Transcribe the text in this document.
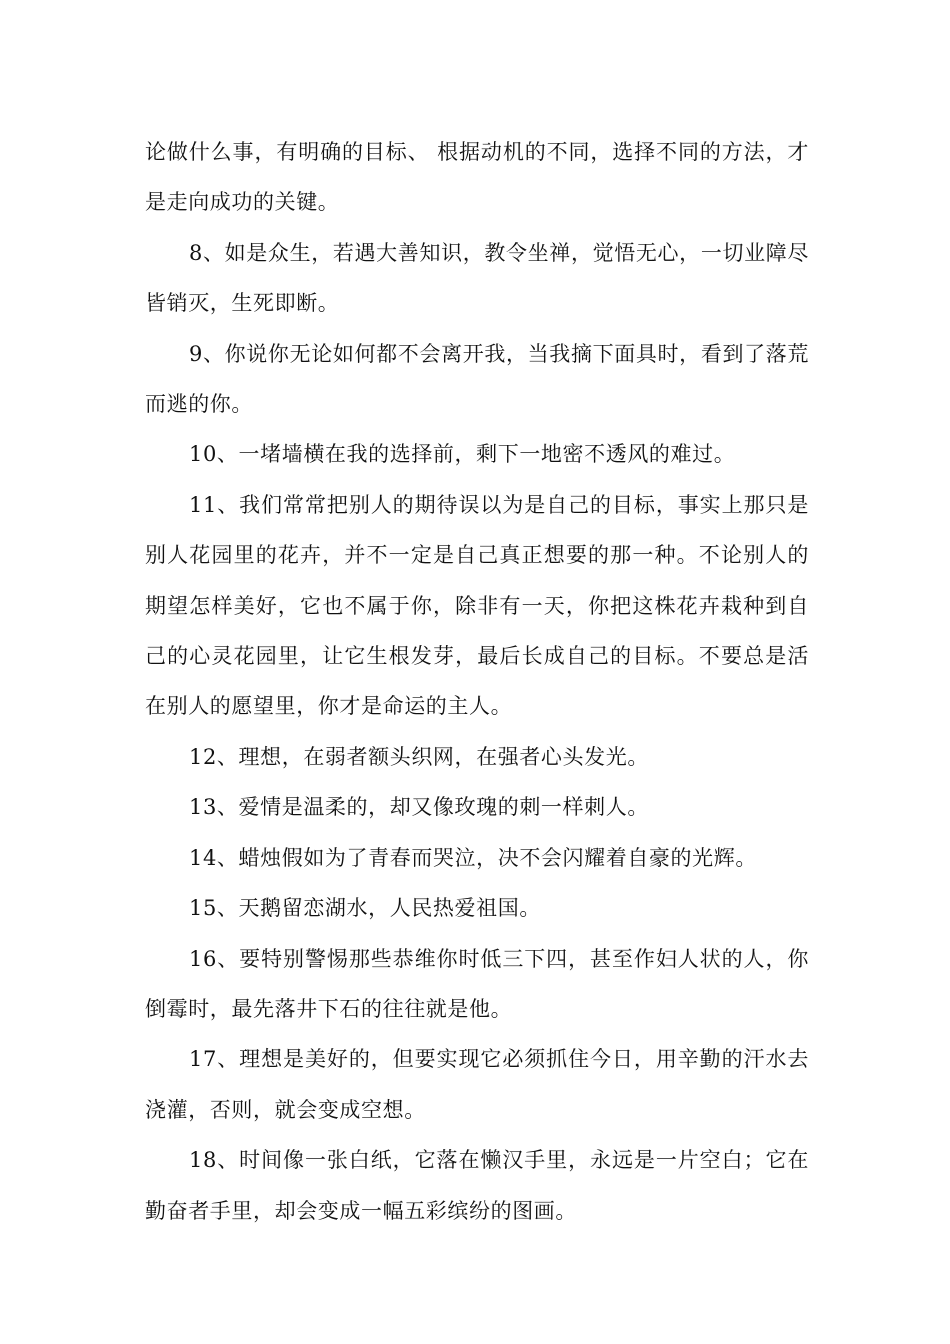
论做什么事，有明确的目标、 根据动机的不同，选择不同的方法，才是走向成功的关键。

8、如是众生，若遇大善知识，教令坐禅，觉悟无心，一切业障尽皆销灭，生死即断。

9、你说你无论如何都不会离开我，当我摘下面具时，看到了落荒而逃的你。

10、一堵墙横在我的选择前，剩下一地密不透风的难过。

11、我们常常把别人的期待误以为是自己的目标，事实上那只是别人花园里的花卉，并不一定是自己真正想要的那一种。不论别人的期望怎样美好，它也不属于你，除非有一天，你把这株花卉栽种到自己的心灵花园里，让它生根发芽，最后长成自己的目标。不要总是活在别人的愿望里，你才是命运的主人。

12、理想，在弱者额头织网，在强者心头发光。

13、爱情是温柔的，却又像玫瑰的刺一样刺人。

14、蜡烛假如为了青春而哭泣，决不会闪耀着自豪的光辉。

15、天鹅留恋湖水，人民热爱祖国。

16、要特别警惕那些恭维你时低三下四，甚至作妇人状的人，你倒霉时，最先落井下石的往往就是他。

17、理想是美好的，但要实现它必须抓住今日，用辛勤的汗水去浇灌，否则，就会变成空想。

18、时间像一张白纸，它落在懒汉手里，永远是一片空白；它在勤奋者手里，却会变成一幅五彩缤纷的图画。
